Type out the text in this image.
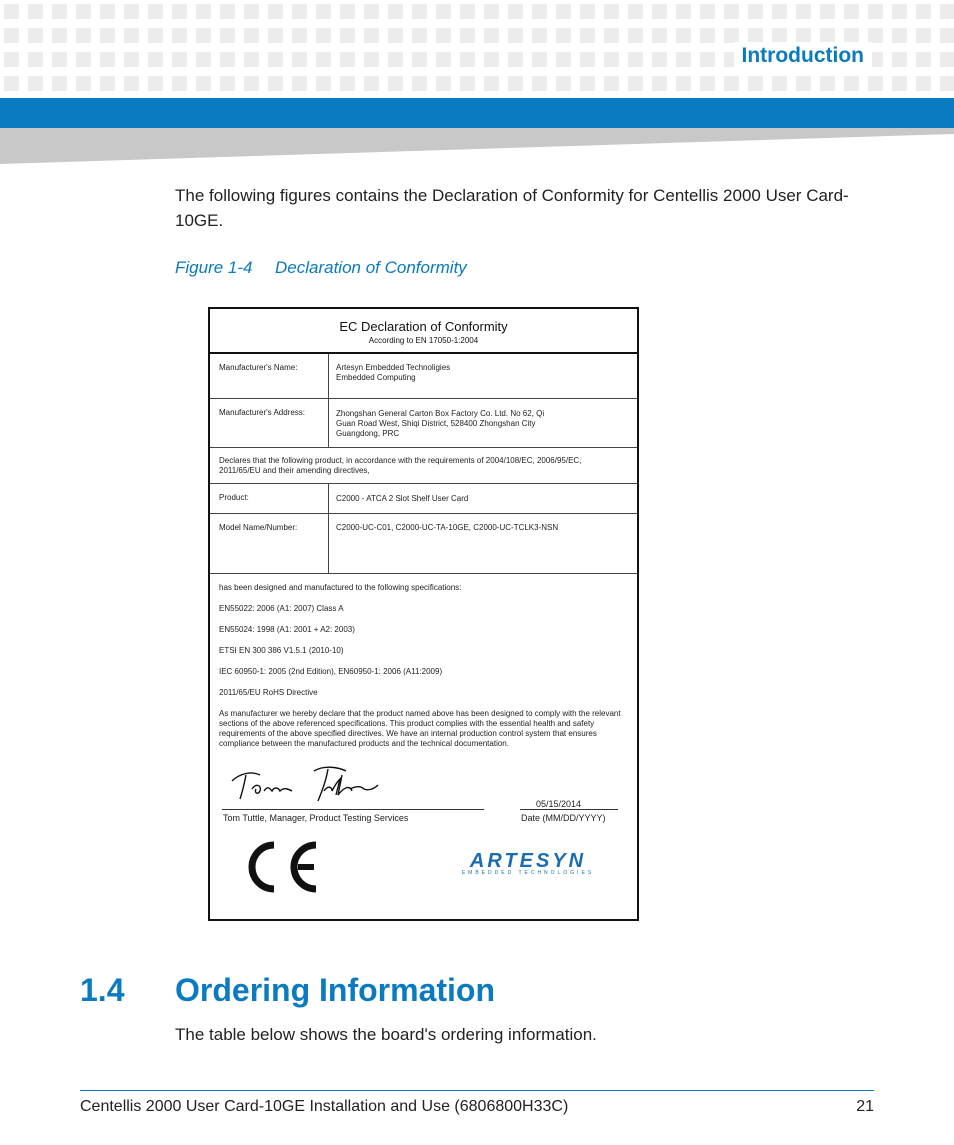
Introduction
The following figures contains the Declaration of Conformity for Centellis 2000 User Card-10GE.
Figure 1-4 Declaration of Conformity
EC Declaration of Conformity
According to EN 17050-1:2004
Manufacturer's Name:	Artesyn Embedded Technoligies
Embedded Computing
Manufacturer's Address:	Zhongshan General Carton Box Factory Co. Ltd. No 62, Qi
Guan Road West, Shiqi District, 528400 Zhongshan City
Guangdong, PRC
Declares that the following product, in accordance with the requirements of 2004/108/EC, 2006/95/EC, 2011/65/EU and their amending directives,
Product:	C2000 - ATCA 2 Slot Shelf User Card
Model Name/Number:	C2000-UC-C01, C2000-UC-TA-10GE, C2000-UC-TCLK3-NSN
has been designed and manufactured to the following specifications:
EN55022: 2006 (A1: 2007) Class A
EN55024: 1998 (A1: 2001 + A2: 2003)
ETSI EN 300 386 V1.5.1 (2010-10)
IEC 60950-1: 2005 (2nd Edition), EN60950-1: 2006 (A11:2009)
2011/65/EU RoHS Directive
As manufacturer we hereby declare that the product named above has been designed to comply with the relevant sections of the above referenced specifications. This product complies with the essential health and safety requirements of the above specified directives. We have an internal production control system that ensures compliance between the manufactured products and the technical documentation.
05/15/2014
Tom Tuttle, Manager, Product Testing Services	Date (MM/DD/YYYY)
ARTESYN
EMBEDDED TECHNOLOGIES
1.4 Ordering Information
The table below shows the board's ordering information.
Centellis 2000 User Card-10GE Installation and Use (6806800H33C)	21
